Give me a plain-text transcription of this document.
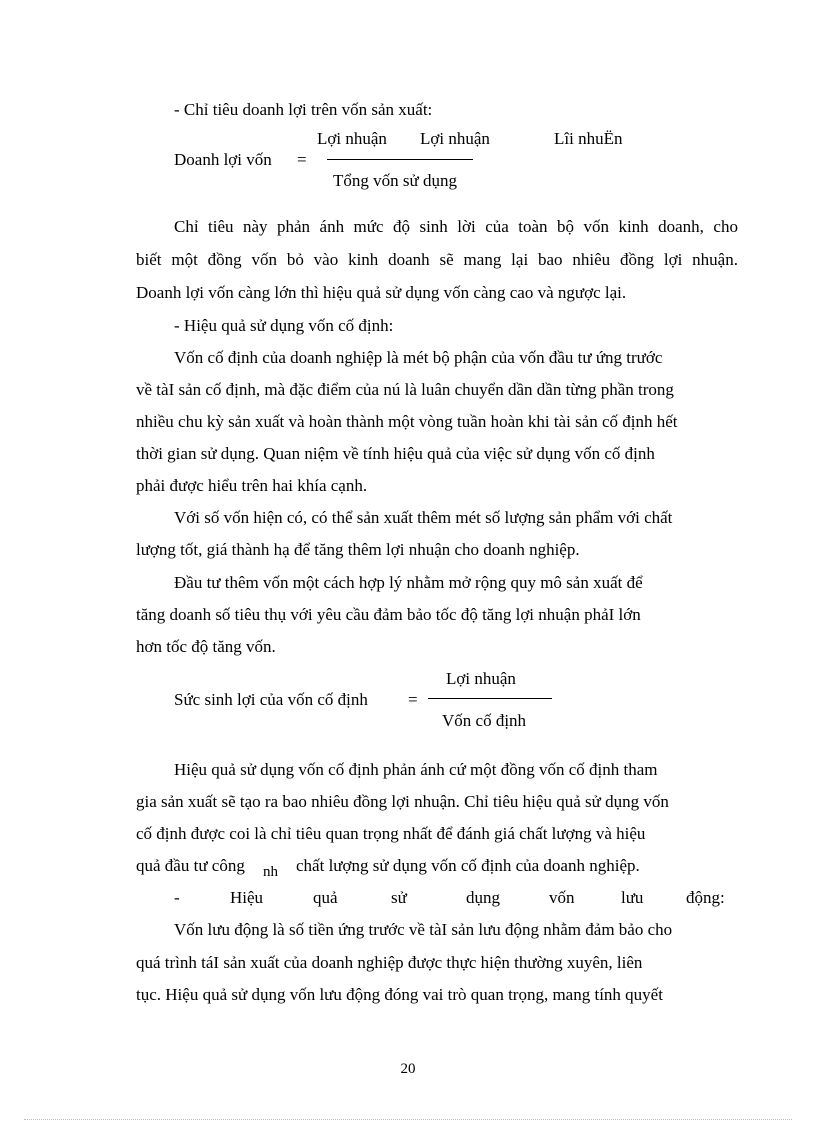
- Chỉ tiêu doanh lợi trên vốn sản xuất:
Doanh lợi vốn =
Lợi nhuận Lợi nhuận	Lîi nhuËn
Tổng vốn sử dụng
Chỉ tiêu này phản ánh mức độ sinh lời của toàn bộ vốn kinh doanh, cho
biết một đồng vốn bỏ vào kinh doanh sẽ mang lại bao nhiêu đồng lợi nhuận.
Doanh lợi vốn càng lớn thì hiệu quả sử dụng vốn càng cao và ngược lại.
- Hiệu quả sử dụng vốn cố định:
Vốn cố định của doanh nghiệp là mét bộ phận của vốn đầu tư ứng trước
về tàI sản cố định, mà đặc điểm của nú là luân chuyển dần dần từng phần trong
nhiều chu kỳ sản xuất và hoàn thành một vòng tuần hoàn khi tài sản cố định hết
thời gian sử dụng. Quan niệm về tính hiệu quả của việc sử dụng vốn cố định
phải được hiểu trên hai khía cạnh.
Với số vốn hiện có, có thể sản xuất thêm mét số lượng sản phẩm với chất
lượng tốt, giá thành hạ để tăng thêm lợi nhuận cho doanh nghiệp.
Đầu tư thêm vốn một cách hợp lý nhằm mở rộng quy mô sản xuất để
tăng doanh số tiêu thụ với yêu cầu đảm bảo tốc độ tăng lợi nhuận phảI lớn
hơn tốc độ tăng vốn.
Sức sinh lợi của vốn cố định =
Lợi nhuận
Vốn cố định
Hiệu quả sử dụng vốn cố định phản ánh cứ một đồng vốn cố định tham
gia sản xuất sẽ tạo ra bao nhiêu đồng lợi nhuận. Chỉ tiêu hiệu quả sử dụng vốn
cố định được coi là chỉ tiêu quan trọng nhất để đánh giá chất lượng và hiệu
quả đầu tư công nh chất lượng sử dụng vốn cố định của doanh nghiệp.
-	Hiệu	quả	sử	dụng	vốn	lưu	động:
Vốn lưu động là số tiền ứng trước về tàI sản lưu động nhằm đảm bảo cho
quá trình táI sản xuất của doanh nghiệp được thực hiện thường xuyên, liên
tục. Hiệu quả sử dụng vốn lưu động đóng vai trò quan trọng, mang tính quyết
20
